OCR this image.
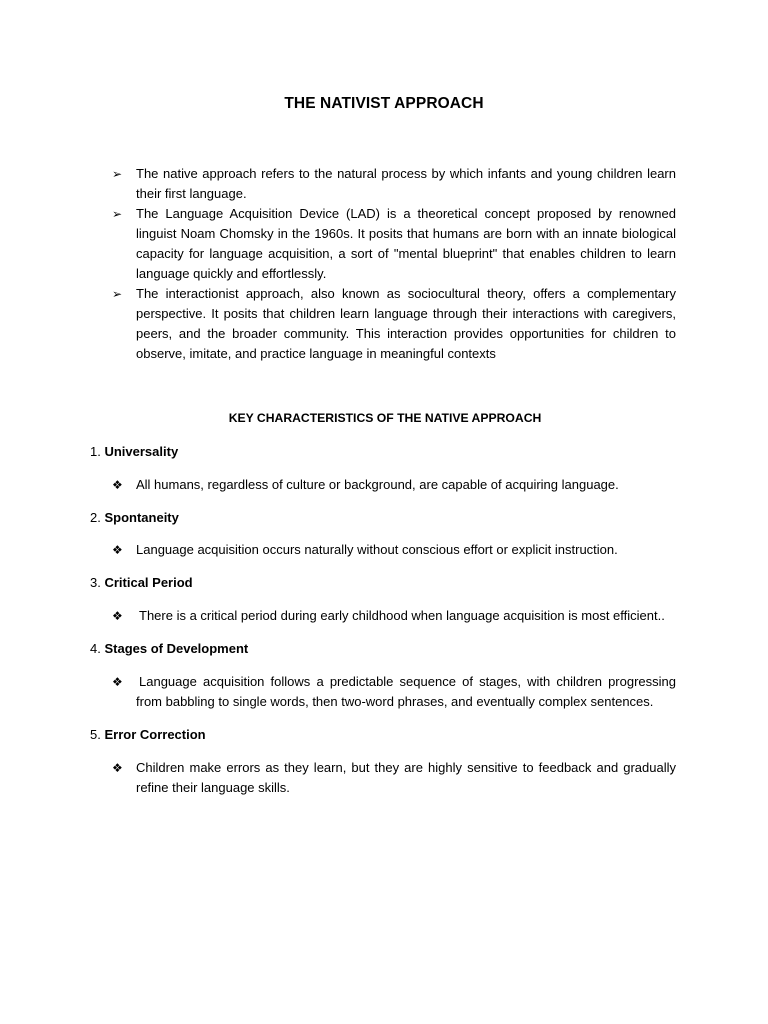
THE NATIVIST APPROACH
➢	The native approach refers to the natural process by which infants and young children learn their first language.
➢	The Language Acquisition Device (LAD) is a theoretical concept proposed by renowned linguist Noam Chomsky in the 1960s. It posits that humans are born with an innate biological capacity for language acquisition, a sort of "mental blueprint" that enables children to learn language quickly and effortlessly.
➢	The interactionist approach, also known as sociocultural theory, offers a complementary perspective. It posits that children learn language through their interactions with caregivers, peers, and the broader community. This interaction provides opportunities for children to observe, imitate, and practice language in meaningful contexts
KEY CHARACTERISTICS OF THE NATIVE APPROACH
1. Universality
❖	All humans, regardless of culture or background, are capable of acquiring language.
2. Spontaneity
❖	Language acquisition occurs naturally without conscious effort or explicit instruction.
3. Critical Period
❖	There is a critical period during early childhood when language acquisition is most efficient..
4. Stages of Development
❖	Language acquisition follows a predictable sequence of stages, with children progressing from babbling to single words, then two-word phrases, and eventually complex sentences.
5. Error Correction
❖	Children make errors as they learn, but they are highly sensitive to feedback and gradually refine their language skills.
